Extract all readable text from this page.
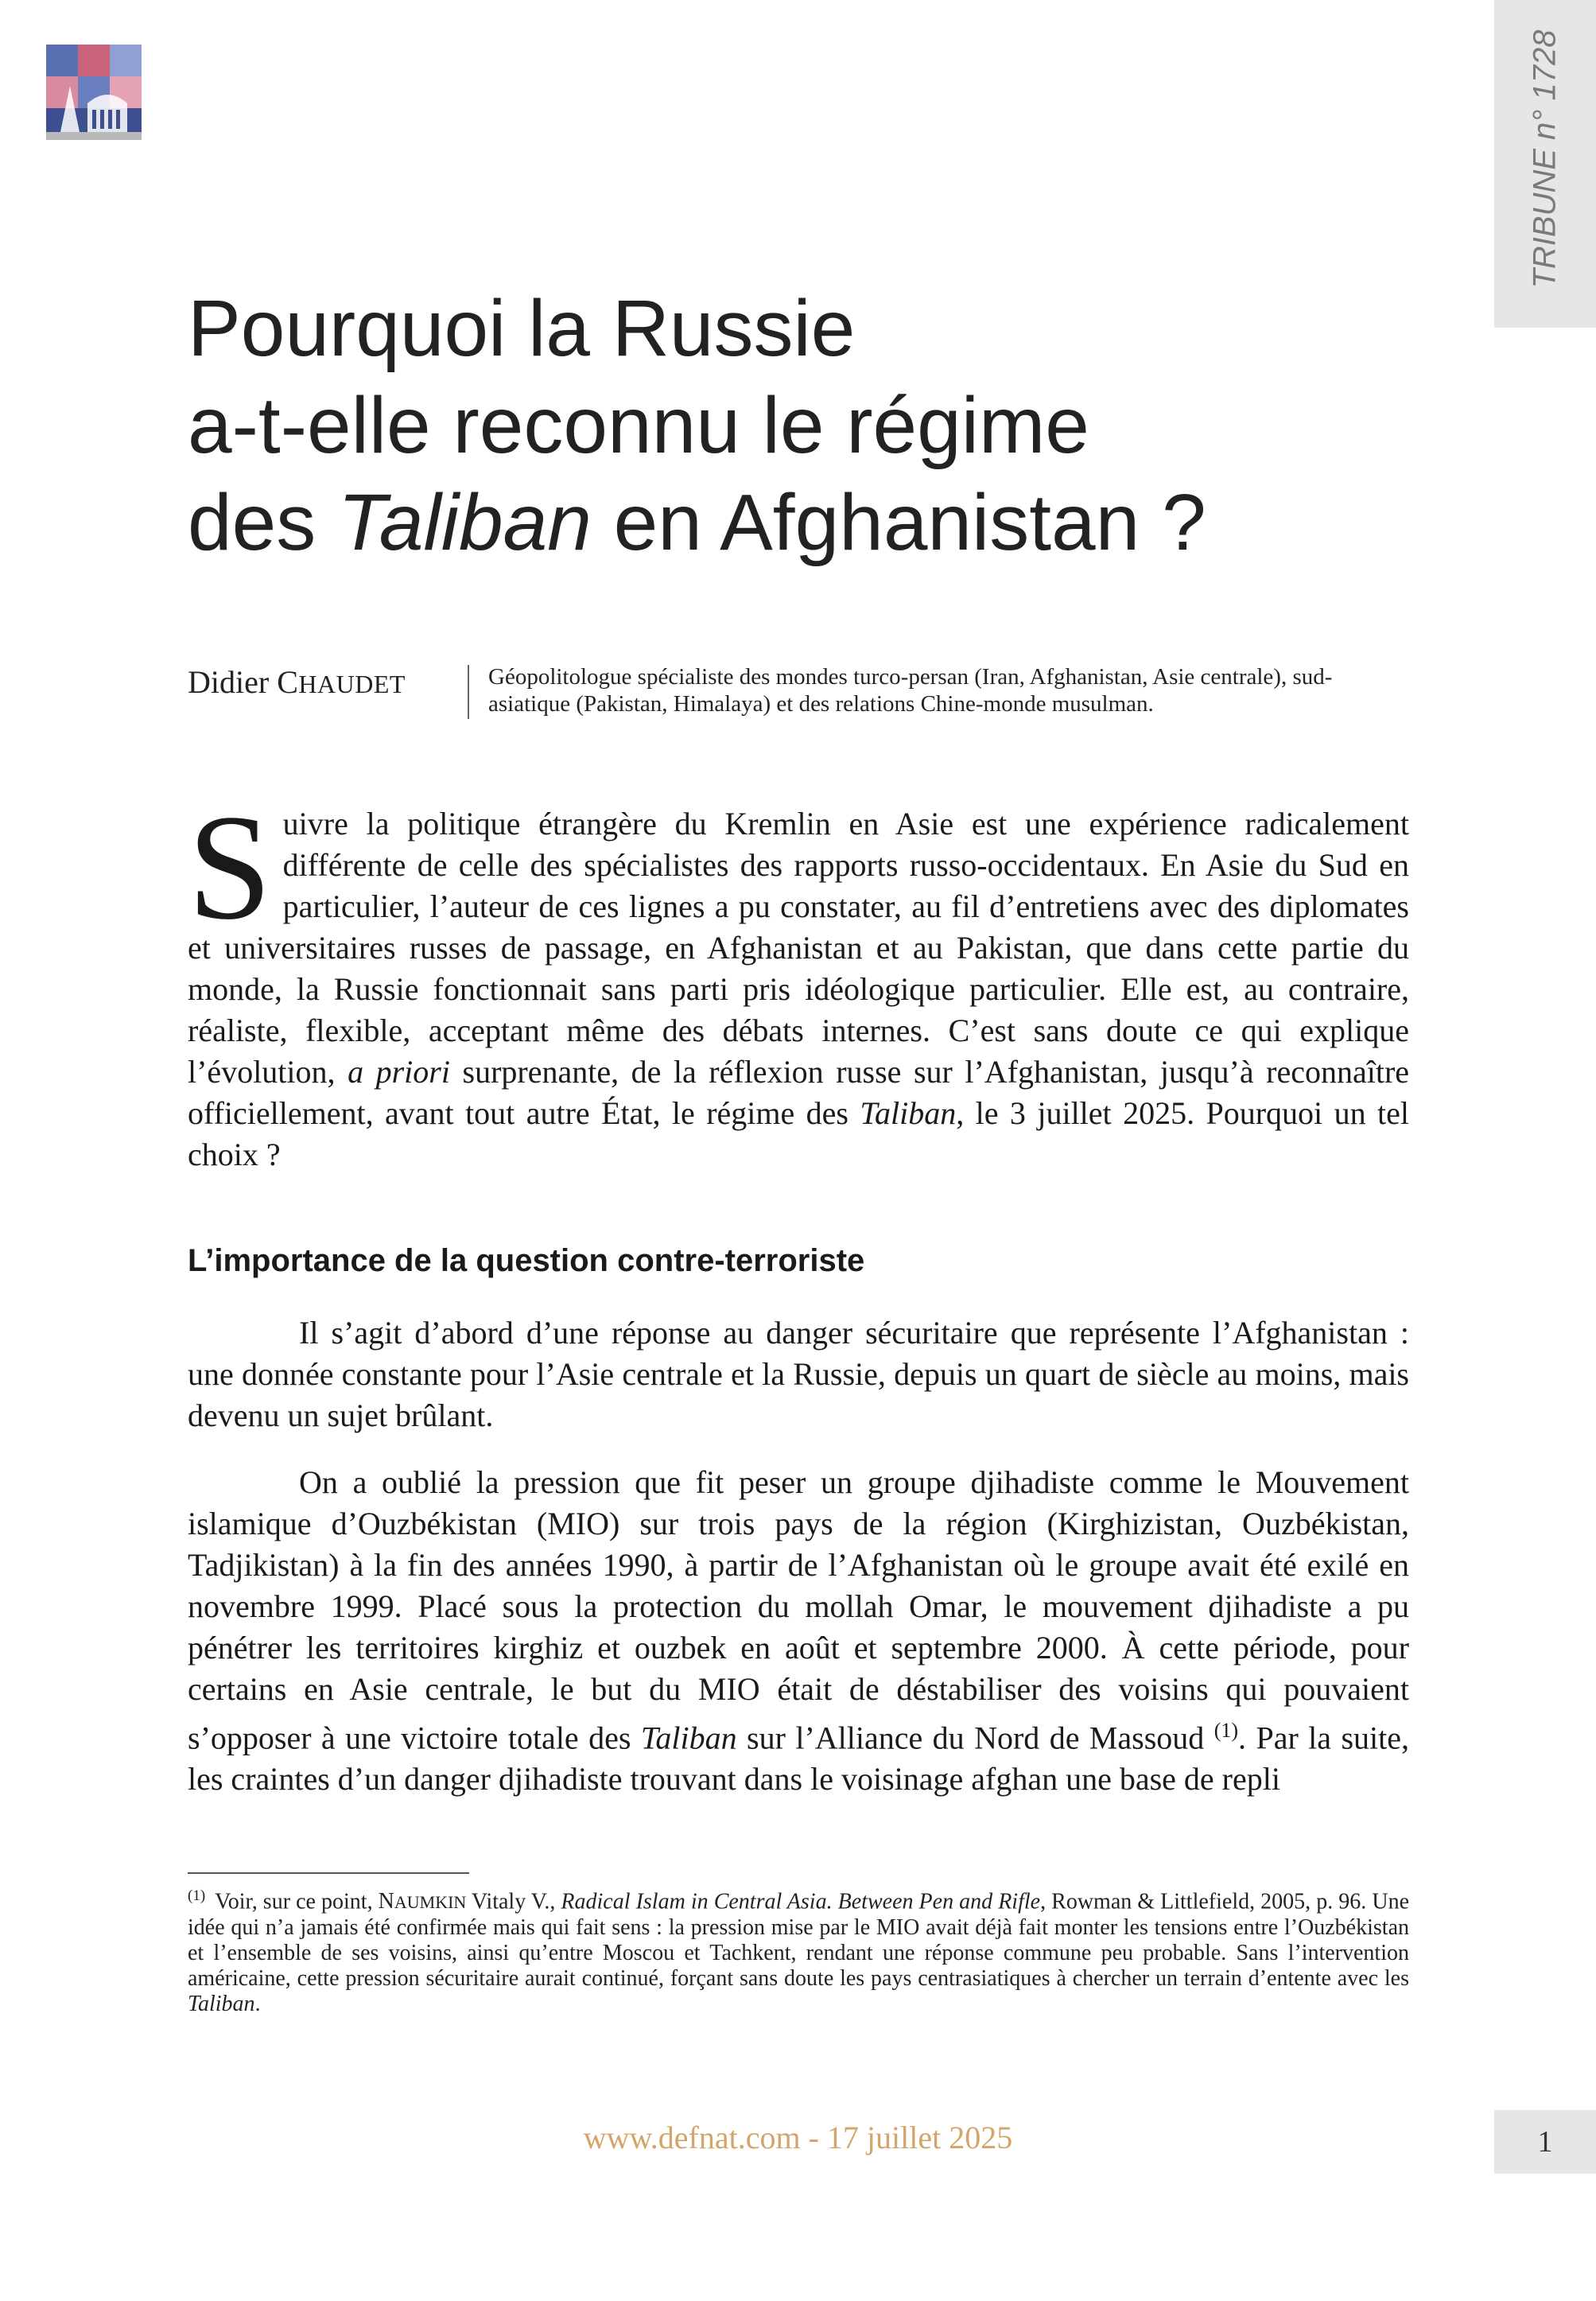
TRIBUNE n° 1728
Pourquoi la Russie
a-t-elle reconnu le régime
des Taliban en Afghanistan ?
Didier CHAUDET	Géopolitologue spécialiste des mondes turco-persan (Iran, Afghanistan, Asie centrale), sud-asiatique (Pakistan, Himalaya) et des relations Chine-monde musulman.

Suivre la politique étrangère du Kremlin en Asie est une expérience radicalement différente de celle des spécialistes des rapports russo-occidentaux. En Asie du Sud en particulier, l’auteur de ces lignes a pu constater, au fil d’entretiens avec des diplomates et universitaires russes de passage, en Afghanistan et au Pakistan, que dans cette partie du monde, la Russie fonctionnait sans parti pris idéologique particulier. Elle est, au contraire, réaliste, flexible, acceptant même des débats internes. C’est sans doute ce qui explique l’évolution, a priori surprenante, de la réflexion russe sur l’Afghanistan, jusqu’à reconnaître officiellement, avant tout autre État, le régime des Taliban, le 3 juillet 2025. Pourquoi un tel choix ?

L’importance de la question contre-terroriste

Il s’agit d’abord d’une réponse au danger sécuritaire que représente l’Afghanistan : une donnée constante pour l’Asie centrale et la Russie, depuis un quart de siècle au moins, mais devenu un sujet brûlant.

On a oublié la pression que fit peser un groupe djihadiste comme le Mouvement islamique d’Ouzbékistan (MIO) sur trois pays de la région (Kirghizistan, Ouzbékistan, Tadjikistan) à la fin des années 1990, à partir de l’Afghanistan où le groupe avait été exilé en novembre 1999. Placé sous la protection du mollah Omar, le mouvement djihadiste a pu pénétrer les territoires kirghiz et ouzbek en août et septembre 2000. À cette période, pour certains en Asie centrale, le but du MIO était de déstabiliser des voisins qui pouvaient s’opposer à une victoire totale des Taliban sur l’Alliance du Nord de Massoud $^{(1)}$. Par la suite, les craintes d’un danger djihadiste trouvant dans le voisinage afghan une base de repli

$^{(1)}$ Voir, sur ce point, NAUMKIN Vitaly V., Radical Islam in Central Asia. Between Pen and Rifle, Rowman & Littlefield, 2005, p. 96. Une idée qui n’a jamais été confirmée mais qui fait sens : la pression mise par le MIO avait déjà fait monter les tensions entre l’Ouzbékistan et l’ensemble de ses voisins, ainsi qu’entre Moscou et Tachkent, rendant une réponse commune peu probable. Sans l’intervention américaine, cette pression sécuritaire aurait continué, forçant sans doute les pays centrasiatiques à chercher un terrain d’entente avec les Taliban.

www.defnat.com - 17 juillet 2025	1
